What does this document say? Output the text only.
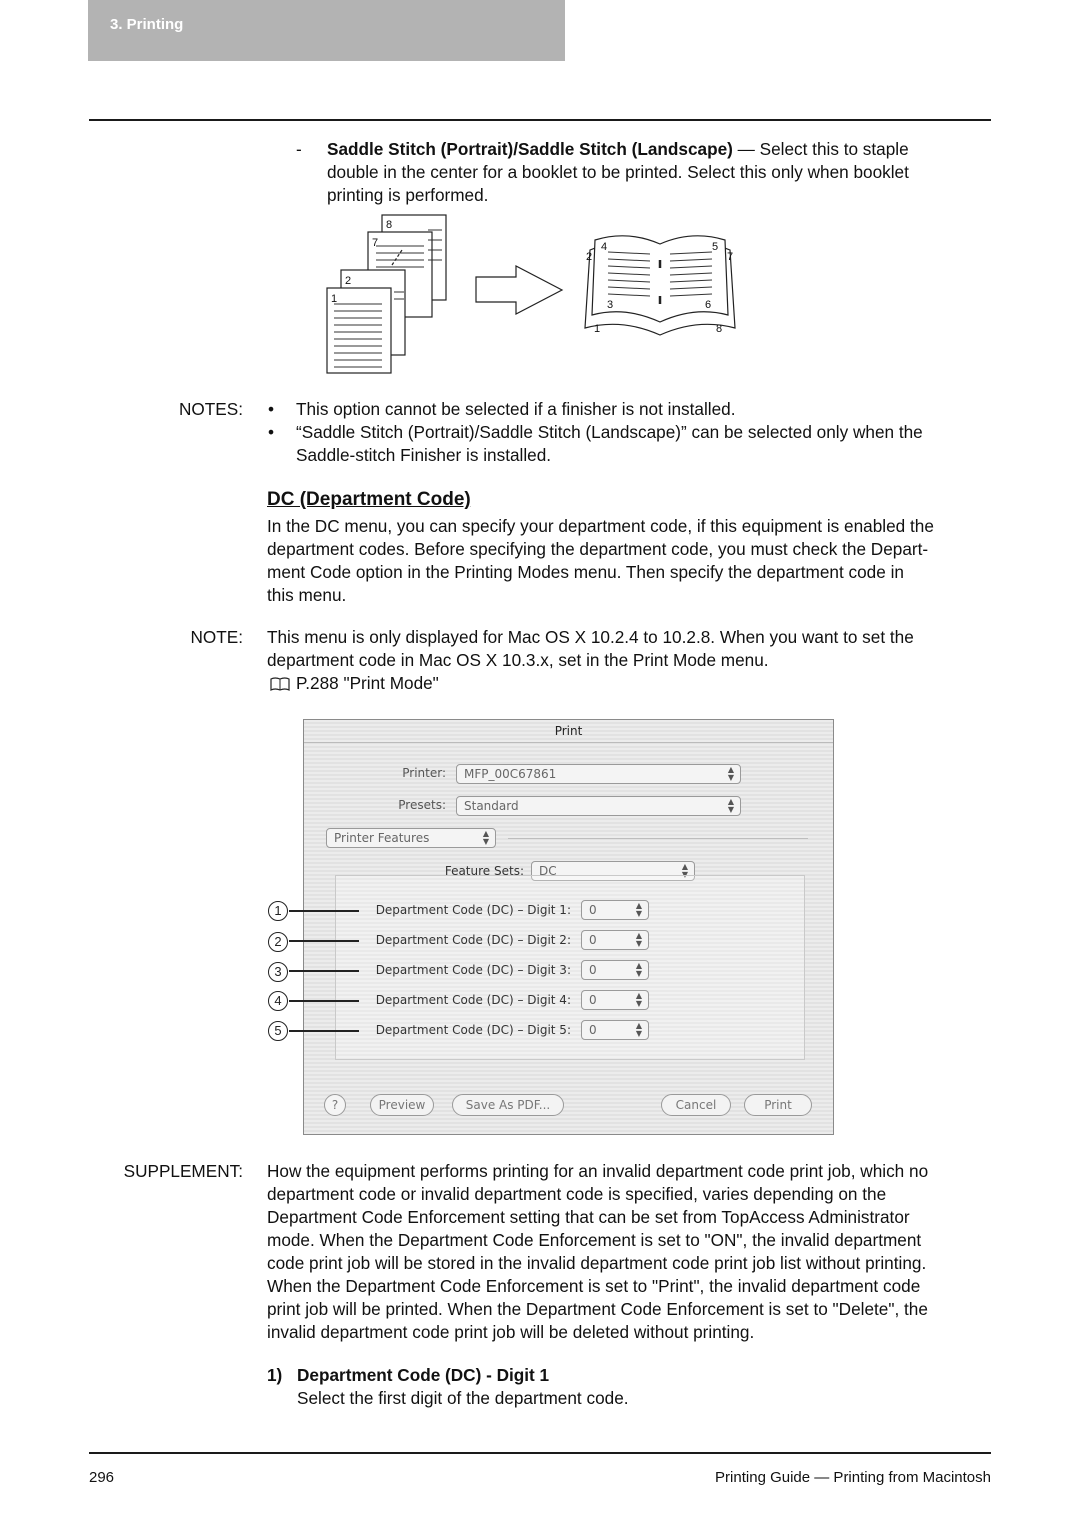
3. Printing
- Saddle Stitch (Portrait)/Saddle Stitch (Landscape) — Select this to staple
double in the center for a booklet to be printed. Select this only when booklet
printing is performed.
8
7
2
1
4	5
2	7
3	6
1	8
NOTES: • This option cannot be selected if a finisher is not installed.
• “Saddle Stitch (Portrait)/Saddle Stitch (Landscape)” can be selected only when the
Saddle-stitch Finisher is installed.
DC (Department Code)
In the DC menu, you can specify your department code, if this equipment is enabled the
department codes. Before specifying the department code, you must check the Depart-
ment Code option in the Printing Modes menu. Then specify the department code in
this menu.
NOTE: This menu is only displayed for Mac OS X 10.2.4 to 10.2.8. When you want to set the
department code in Mac OS X 10.3.x, set in the Print Mode menu.
P.288 "Print Mode"
Print
Printer:	MFP_00C67861	▲
▼
Presets:	Standard	▲
▼
Printer Features	▲
▼
Feature Sets:	DC	▲
▼
Department Code (DC) – Digit 1:	0	▲
▼
Department Code (DC) – Digit 2:	0	▲
▼
Department Code (DC) – Digit 3:	0	▲
▼
Department Code (DC) – Digit 4:	0	▲
▼
Department Code (DC) – Digit 5:	0	▲
▼
?	Preview	Save As PDF...	Cancel	Print
1
2
3
4
5
SUPPLEMENT: How the equipment performs printing for an invalid department code print job, which no
department code or invalid department code is specified, varies depending on the
Department Code Enforcement setting that can be set from TopAccess Administrator
mode. When the Department Code Enforcement is set to "ON", the invalid department
code print job will be stored in the invalid department code print job list without printing.
When the Department Code Enforcement is set to "Print", the invalid department code
print job will be printed. When the Department Code Enforcement is set to "Delete", the
invalid department code print job will be deleted without printing.
1) Department Code (DC) - Digit 1
Select the first digit of the department code.
296	Printing Guide — Printing from Macintosh
